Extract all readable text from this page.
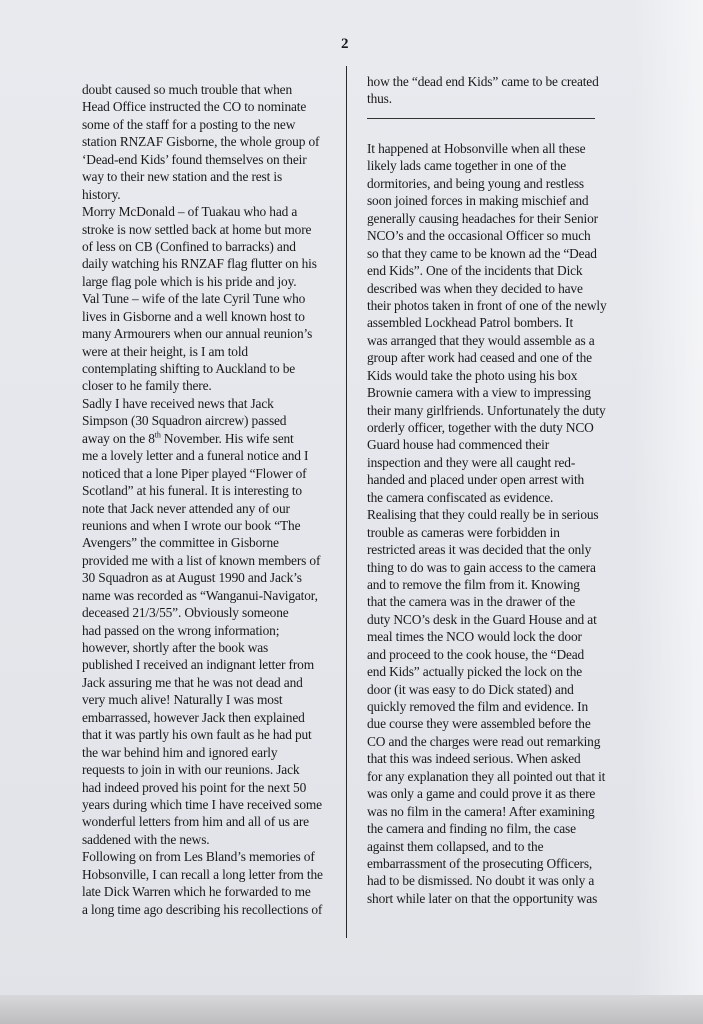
2
doubt caused so much trouble that when
Head Office instructed the CO to nominate
some of the staff for a posting to the new
station RNZAF Gisborne, the whole group of
‘Dead-end Kids’ found themselves on their
way to their new station and the rest is
history.
Morry McDonald – of Tuakau who had a
stroke is now settled back at home but more
of less on CB (Confined to barracks) and
daily watching his RNZAF flag flutter on his
large flag pole which is his pride and joy.
Val Tune – wife of the late Cyril Tune who
lives in Gisborne and a well known host to
many Armourers when our annual reunion’s
were at their height, is I am told
contemplating shifting to Auckland to be
closer to he family there.
Sadly I have received news that Jack
Simpson (30 Squadron aircrew) passed
away on the 8th November. His wife sent
me a lovely letter and a funeral notice and I
noticed that a lone Piper played “Flower of
Scotland” at his funeral. It is interesting to
note that Jack never attended any of our
reunions and when I wrote our book “The
Avengers” the committee in Gisborne
provided me with a list of known members of
30 Squadron as at August 1990 and Jack’s
name was recorded as “Wanganui-Navigator,
deceased 21/3/55”. Obviously someone
had passed on the wrong information;
however, shortly after the book was
published I received an indignant letter from
Jack assuring me that he was not dead and
very much alive! Naturally I was most
embarrassed, however Jack then explained
that it was partly his own fault as he had put
the war behind him and ignored early
requests to join in with our reunions. Jack
had indeed proved his point for the next 50
years during which time I have received some
wonderful letters from him and all of us are
saddened with the news.
Following on from Les Bland’s memories of
Hobsonville, I can recall a long letter from the
late Dick Warren which he forwarded to me
a long time ago describing his recollections of
how the “dead end Kids” came to be created
thus.
It happened at Hobsonville when all these
likely lads came together in one of the
dormitories, and being young and restless
soon joined forces in making mischief and
generally causing headaches for their Senior
NCO’s and the occasional Officer so much
so that they came to be known ad the “Dead
end Kids”. One of the incidents that Dick
described was when they decided to have
their photos taken in front of one of the newly
assembled Lockhead Patrol bombers. It
was arranged that they would assemble as a
group after work had ceased and one of the
Kids would take the photo using his box
Brownie camera with a view to impressing
their many girlfriends. Unfortunately the duty
orderly officer, together with the duty NCO
Guard house had commenced their
inspection and they were all caught red-
handed and placed under open arrest with
the camera confiscated as evidence.
Realising that they could really be in serious
trouble as cameras were forbidden in
restricted areas it was decided that the only
thing to do was to gain access to the camera
and to remove the film from it. Knowing
that the camera was in the drawer of the
duty NCO’s desk in the Guard House and at
meal times the NCO would lock the door
and proceed to the cook house, the “Dead
end Kids” actually picked the lock on the
door (it was easy to do Dick stated) and
quickly removed the film and evidence. In
due course they were assembled before the
CO and the charges were read out remarking
that this was indeed serious. When asked
for any explanation they all pointed out that it
was only a game and could prove it as there
was no film in the camera! After examining
the camera and finding no film, the case
against them collapsed, and to the
embarrassment of the prosecuting Officers,
had to be dismissed. No doubt it was only a
short while later on that the opportunity was
